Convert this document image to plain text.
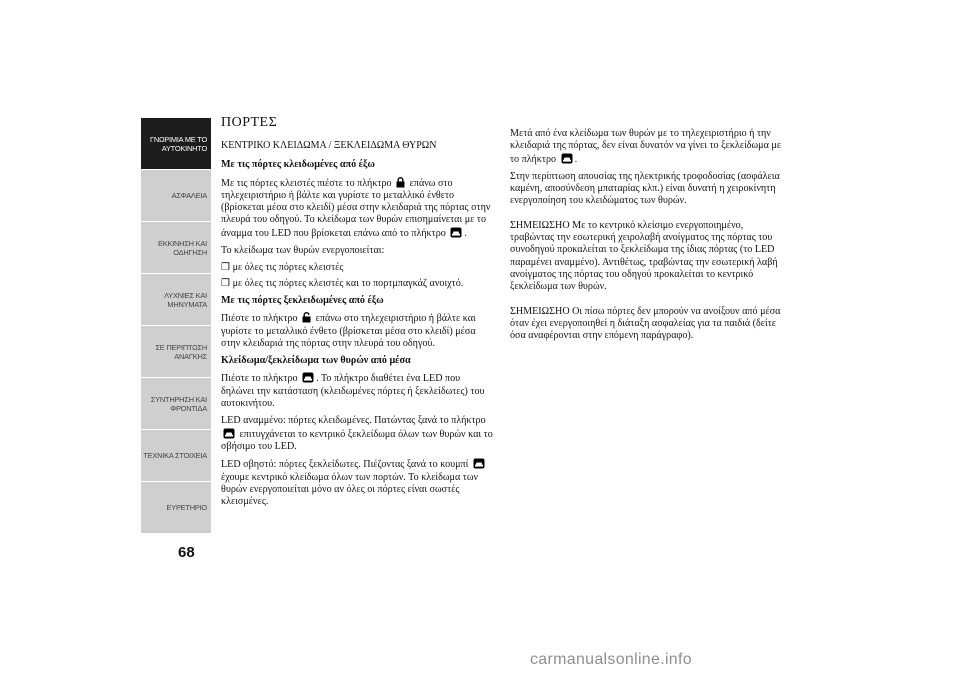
ΓΝΩΡΙΜΙΑ ΜΕ ΤΟ
ΑΥΤΟΚΙΝΗΤΟ
ΑΣΦΑΛΕΙΑ
ΕΚΚΙΝΗΣΗ ΚΑΙ
ΟΔΗΓΗΣΗ
ΛΥΧΝΙΕΣ ΚΑΙ
ΜΗΝΥΜΑΤΑ
ΣΕ ΠΕΡΙΠΤΩΣΗ
ΑΝΑΓΚΗΣ
ΣΥΝΤΗΡΗΣΗ ΚΑΙ
ΦΡΟΝΤΙΔΑ
ΤΕΧΝΙΚΑ ΣΤΟΙΧΕΙΑ
ΕΥΡΕΤΗΡΙΟ
68
ΠΟΡΤΕΣ
ΚΕΝΤΡΙΚΟ ΚΛΕΙΔΩΜΑ / ΞΕΚΛΕΙΔΩΜΑ ΘΥΡΩΝ
Με τις πόρτες κλειδωμένες από έξω
Με τις πόρτες κλειστές πιέστε το πλήκτρο επάνω στο τηλεχειριστήριο ή βάλτε και γυρίστε το μεταλλικό ένθετο (βρίσκεται μέσα στο κλειδί) μέσα στην κλειδαριά της πόρτας στην πλευρά του οδηγού. Το κλείδωμα των θυρών επισημαίνεται με το άναμμα του LED που βρίσκεται επάνω από το πλήκτρο .
Το κλείδωμα των θυρών ενεργοποιείται:
❒ με όλες τις πόρτες κλειστές
❒ με όλες τις πόρτες κλειστές και το πορτμπαγκάζ ανοιχτό.
Με τις πόρτες ξεκλειδωμένες από έξω
Πιέστε το πλήκτρο επάνω στο τηλεχειριστήριο ή βάλτε και γυρίστε το μεταλλικό ένθετο (βρίσκεται μέσα στο κλειδί) μέσα στην κλειδαριά της πόρτας στην πλευρά του οδηγού.
Κλείδωμα/ξεκλείδωμα των θυρών από μέσα
Πιέστε το πλήκτρο . Το πλήκτρο διαθέτει ένα LED που δηλώνει την κατάσταση (κλειδωμένες πόρτες ή ξεκλείδωτες) του αυτοκινήτου.
LED αναμμένο: πόρτες κλειδωμένες. Πατώντας ξανά το πλήκτρο  επιτυγχάνεται το κεντρικό ξεκλείδωμα όλων των θυρών και το σβήσιμο του LED.
LED σβηστό: πόρτες ξεκλείδωτες. Πιέζοντας ξανά το κουμπί  έχουμε κεντρικό κλείδωμα όλων των πορτών. Το κλείδωμα των θυρών ενεργοποιείται μόνο αν όλες οι πόρτες είναι σωστές κλεισμένες.
Μετά από ένα κλείδωμα των θυρών με το τηλεχειριστήριο ή την κλειδαριά της πόρτας, δεν είναι δυνατόν να γίνει το ξεκλείδωμα με το πλήκτρο .
Στην περίπτωση απουσίας της ηλεκτρικής τροφοδοσίας (ασφάλεια καμένη, αποσύνδεση μπαταρίας κλπ.) είναι δυνατή η χειροκίνητη ενεργοποίηση του κλειδώματος των θυρών.
ΣΗΜΕΙΩΣΗΟ Με το κεντρικό κλείσιμο ενεργοποιημένο, τραβώντας την εσωτερική χειρολαβή ανοίγματος της πόρτας του συνοδηγού προκαλείται το ξεκλείδωμα της ίδιας πόρτας (το LED παραμένει αναμμένο). Αντιθέτως, τραβώντας την εσωτερική λαβή ανοίγματος της πόρτας του οδηγού προκαλείται το κεντρικό ξεκλείδωμα των θυρών.
ΣΗΜΕΙΩΣΗΟ Οι πίσω πόρτες δεν μπορούν να ανοίξουν από μέσα όταν έχει ενεργοποιηθεί η διάταξη ασφαλείας για τα παιδιά (δείτε όσα αναφέρονται στην επόμενη παράγραφο).
carmanualsonline.info
